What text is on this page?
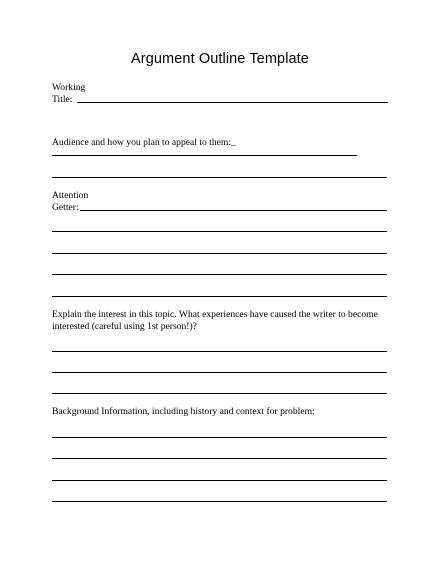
Argument Outline Template
Working
Title:
Audience and how you plan to appeal to them:_
Attention
Getter:
Explain the interest in this topic. What experiences have caused the writer to become
interested (careful using 1st person!)?
Background Information, including history and context for problem:
